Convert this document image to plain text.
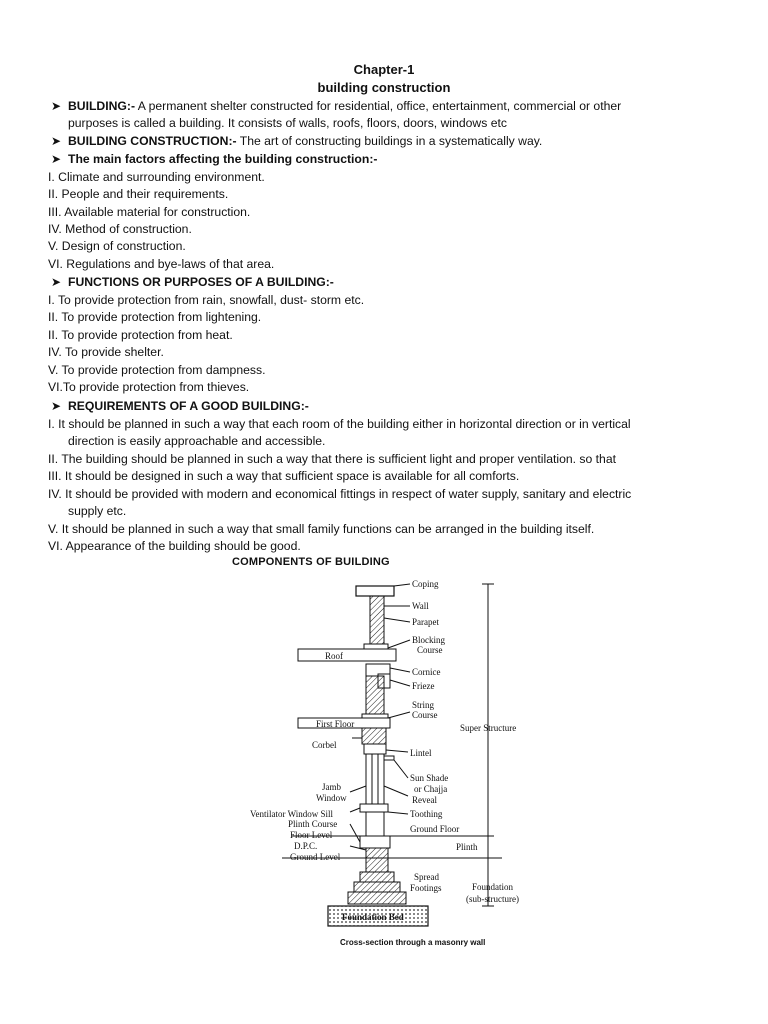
Chapter-1
building construction
➤ BUILDING:- A permanent shelter constructed for residential, office, entertainment, commercial or other
purposes is called a building. It consists of walls, roofs, floors, doors, windows etc
➤ BUILDING CONSTRUCTION:- The art of constructing buildings in a systematically way.
➤ The main factors affecting the building construction:-
I. Climate and surrounding environment.
II. People and their requirements.
III. Available material for construction.
IV. Method of construction.
V. Design of construction.
VI. Regulations and bye-laws of that area.
➤ FUNCTIONS OR PURPOSES OF A BUILDING:-
I. To provide protection from rain, snowfall, dust- storm etc.
II. To provide protection from lightening.
II. To provide protection from heat.
IV. To provide shelter.
V. To provide protection from dampness.
VI.To provide protection from thieves.
➤ REQUIREMENTS OF A GOOD BUILDING:-
I. It should be planned in such a way that each room of the building either in horizontal direction or in vertical
direction is easily approachable and accessible.
II. The building should be planned in such a way that there is sufficient light and proper ventilation. so that
III. It should be designed in such a way that sufficient space is available for all comforts.
IV. It should be provided with modern and economical fittings in respect of water supply, sanitary and electric
supply etc.
V. It should be planned in such a way that small family functions can be arranged in the building itself.
VI. Appearance of the building should be good.
COMPONENTS OF BUILDING
Coping
Wall
Parapet
Blocking
Course
Roof
Cornice
Frieze
String
Course
First Floor	Super Structure
Corbel
Lintel
Jamb
Window
Sun Shade
or Chajja
Reveal
Ventilator Window Sill	Toothing
Plinth Course
Floor Level
Ground Floor
D.P.C.	Plinth
Ground Level
Spread
Footings	Foundation
(sub-structure)
Foundation Bed
Cross-section through a masonry wall
